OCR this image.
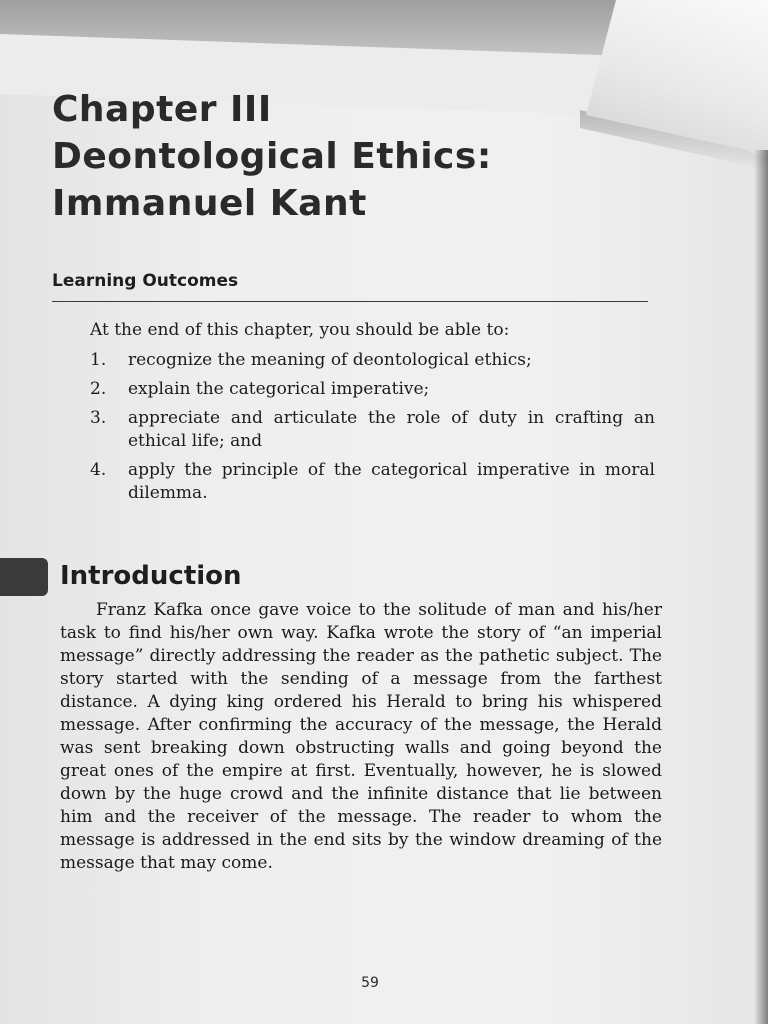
Chapter III
Deontological Ethics:
Immanuel Kant
Learning Outcomes
At the end of this chapter, you should be able to:
1. recognize the meaning of deontological ethics;
2. explain the categorical imperative;
3. appreciate and articulate the role of duty in crafting an ethical life; and
4. apply the principle of the categorical imperative in moral dilemma.
Introduction

Franz Kafka once gave voice to the solitude of man and his/her task to find his/her own way. Kafka wrote the story of “an imperial message” directly addressing the reader as the pathetic subject. The story started with the sending of a message from the farthest distance. A dying king ordered his Herald to bring his whispered message. After confirming the accuracy of the message, the Herald was sent breaking down obstructing walls and going beyond the great ones of the empire at first. Eventually, however, he is slowed down by the huge crowd and the infinite distance that lie between him and the receiver of the message. The reader to whom the message is addressed in the end sits by the window dreaming of the message that may come.

59
